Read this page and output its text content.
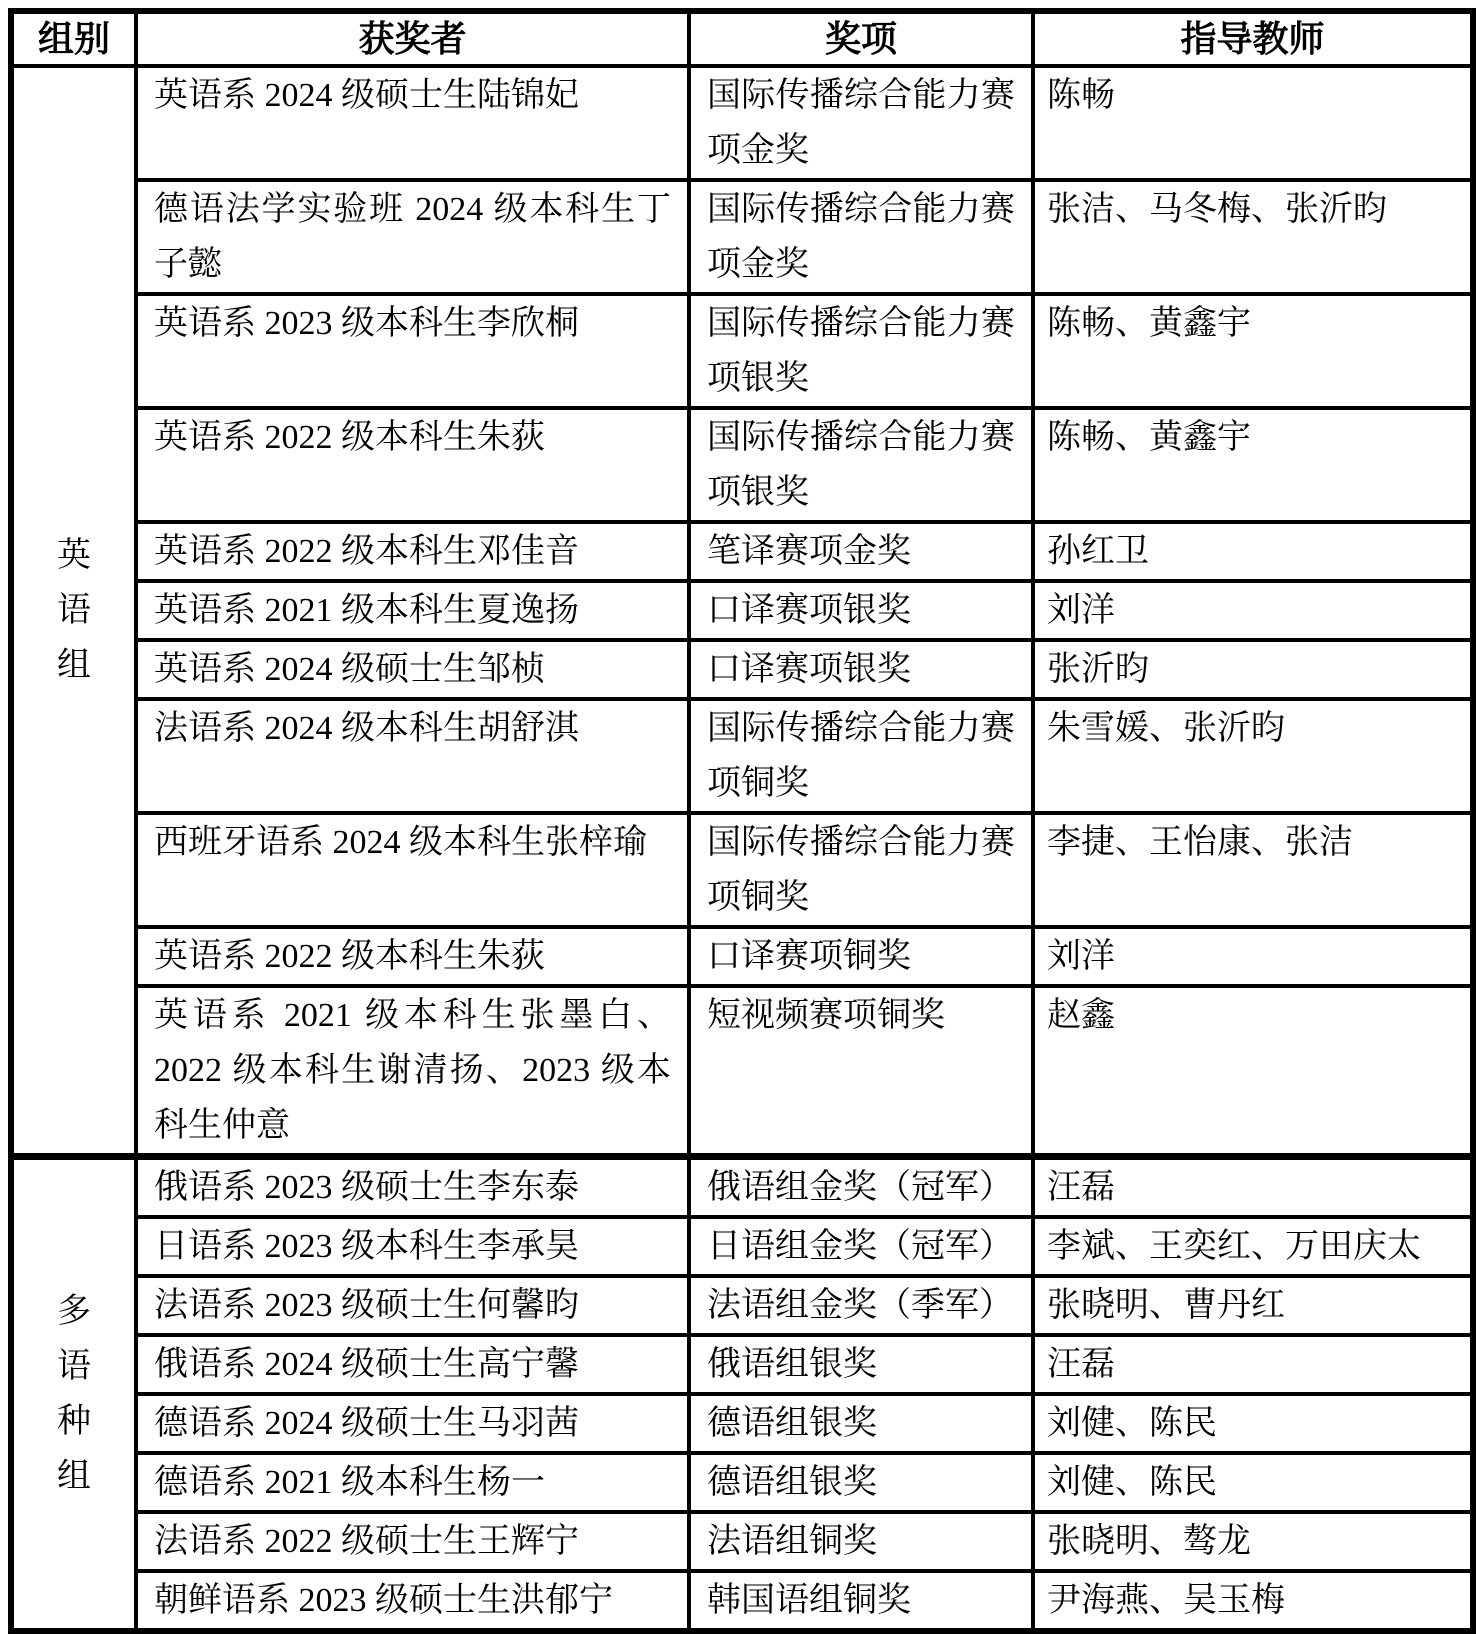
组别	获奖者	奖项	指导教师

英
语
组	英语系 2024 级硕士生陆锦妃	国际传播综合能力赛项金奖	陈畅
	德语法学实验班 2024 级本科生丁子懿	国际传播综合能力赛项金奖	张洁、马冬梅、张沂昀
	英语系 2023 级本科生李欣桐	国际传播综合能力赛项银奖	陈畅、黄鑫宇
	英语系 2022 级本科生朱荻	国际传播综合能力赛项银奖	陈畅、黄鑫宇
	英语系 2022 级本科生邓佳音	笔译赛项金奖	孙红卫
	英语系 2021 级本科生夏逸扬	口译赛项银奖	刘洋
	英语系 2024 级硕士生邹桢	口译赛项银奖	张沂昀
	法语系 2024 级本科生胡舒淇	国际传播综合能力赛项铜奖	朱雪媛、张沂昀
	西班牙语系 2024 级本科生张梓瑜	国际传播综合能力赛项铜奖	李捷、王怡康、张洁
	英语系 2022 级本科生朱荻	口译赛项铜奖	刘洋
	英语系 2021 级本科生张墨白、2022 级本科生谢清扬、2023 级本科生仲意	短视频赛项铜奖	赵鑫

多
语
种
组	俄语系 2023 级硕士生李东泰	俄语组金奖（冠军）	汪磊
	日语系 2023 级本科生李承昊	日语组金奖（冠军）	李斌、王奕红、万田庆太
	法语系 2023 级硕士生何馨昀	法语组金奖（季军）	张晓明、曹丹红
	俄语系 2024 级硕士生高宁馨	俄语组银奖	汪磊
	德语系 2024 级硕士生马羽茜	德语组银奖	刘健、陈民
	德语系 2021 级本科生杨一	德语组银奖	刘健、陈民
	法语系 2022 级硕士生王辉宁	法语组铜奖	张晓明、骜龙
	朝鲜语系 2023 级硕士生洪郁宁	韩国语组铜奖	尹海燕、吴玉梅
